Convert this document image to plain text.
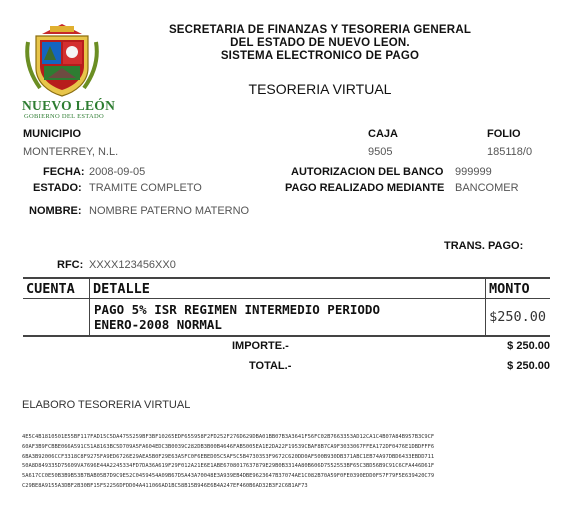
NUEVO LEÓN
GOBIERNO DEL ESTADO
SECRETARIA DE FINANZAS Y TESORERIA GENERAL
DEL ESTADO DE NUEVO LEON.
SISTEMA ELECTRONICO DE PAGO
TESORERIA VIRTUAL
MUNICIPIO
MONTERREY, N.L.
CAJA
9505
FOLIO
185118/0
FECHA: 2008-09-05	AUTORIZACION DEL BANCO 999999
ESTADO: TRAMITE COMPLETO	PAGO REALIZADO MEDIANTE BANCOMER
NOMBRE: NOMBRE PATERNO MATERNO
TRANS. PAGO:
RFC: XXXX123456XX0
CUENTA	DETALLE	MONTO

	PAGO 5% ISR REGIMEN INTERMEDIO PERIODO
ENERO-2008 NORMAL	$250.00
IMPORTE.-	$ 250.00
TOTAL.-	$ 250.00
ELABORO TESORERIA VIRTUAL
4E5C4B1810501E55BF117FAD15C5DA4755259BF3BF10265EDF655958F2FD252F276D629DBA01BB07B3A3641F56FC02B7663353AD12CA1C4B07A84B957B3C9CF60AF3B9FCBBE066A591C51A8163BC5D709A5FA604EDC3B0039C282DB3B00B4646FAB5005EA1E2DA22F19539CBAF8B7CA9F3033067FFEA172DF0476E1DBDFFF66BA3B92006CCF3318C8F9275FA9ED6726E29AEA5B0F29E63A5FC0F6EBED05C5AF5C5B4730353F9672C620DD0AF500B930DB371ABC1EB74A97DBD6433EBDD71150A8D849335D75609VA7696E44A2245334FD7DA36A619F29F012A21E6E1ABE6708017637879E29B0B3314A80B606D7552553BF65C3BD56B9C91C6CFA446D61F5A617CC0E50B3B9B53B7BAB05B7D9C9E52C0459454A09B67D5A43A70048E3A939EB4DBE9623647B37074AE1C082B70A59F0FE0390EDD0F57F79F5E639420C79C29BE8A9155A3DBF2B30BF15F52256DFDD04A411066AD1BC58B15B946E6B4A247EF460B6AD32B3F2C6B1AF73
